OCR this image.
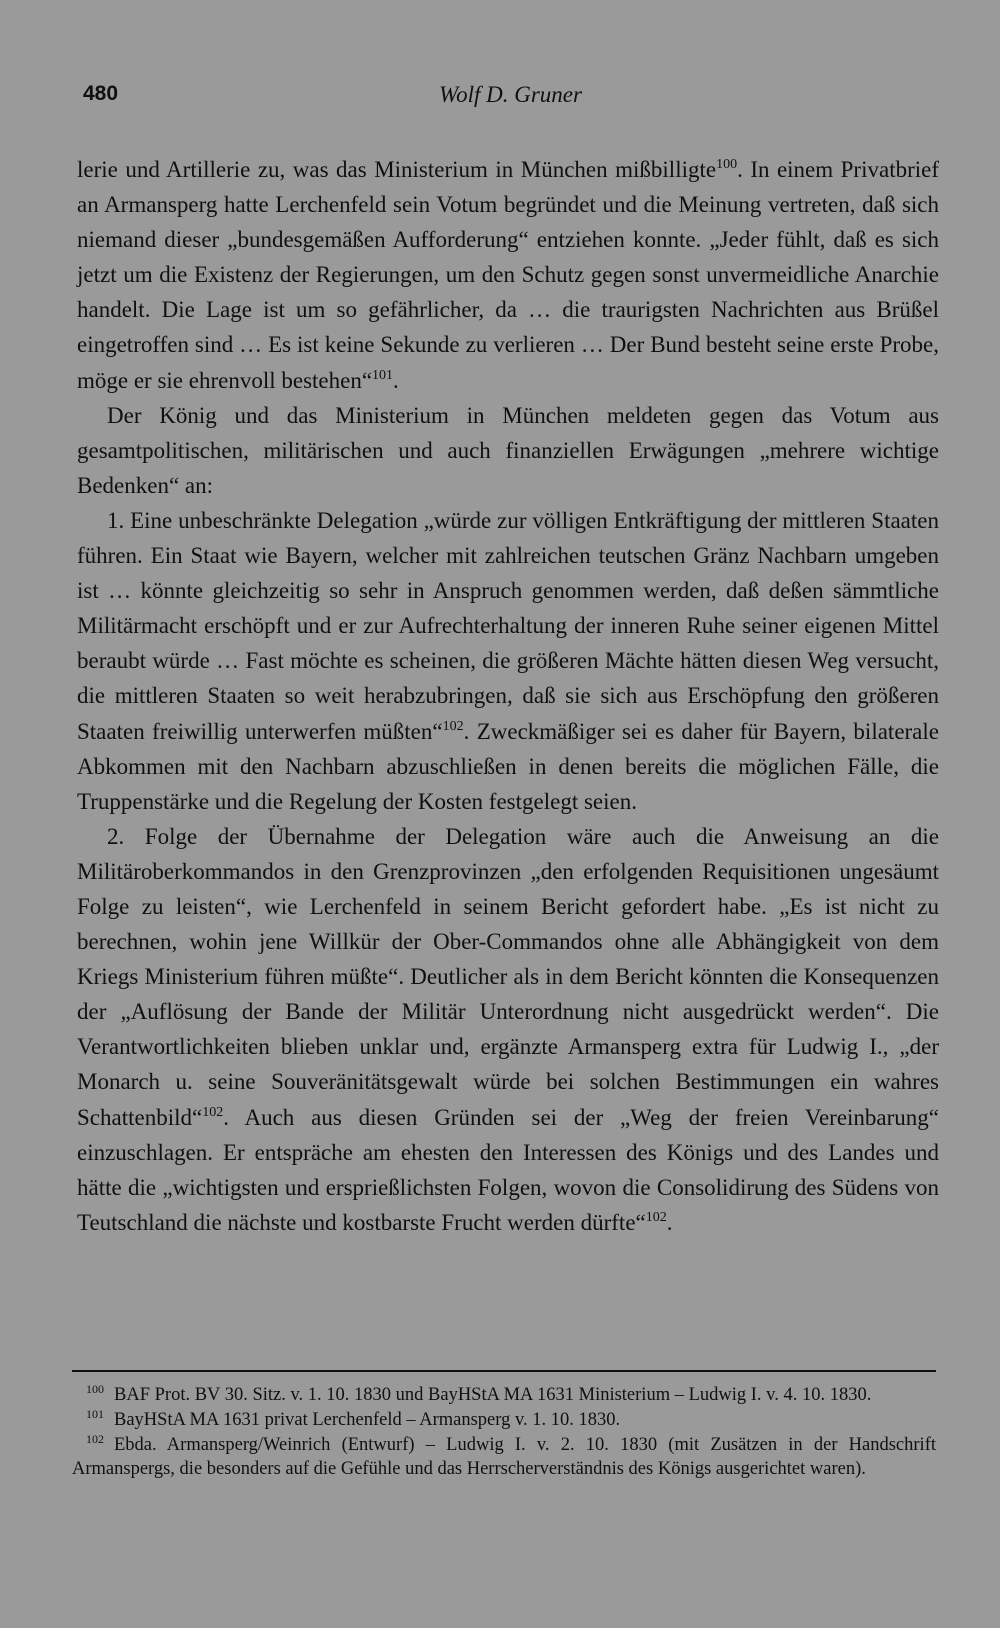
480	Wolf D. Gruner

lerie und Artillerie zu, was das Ministerium in München mißbilligte$^{100}$. In einem Privatbrief an Armansperg hatte Lerchenfeld sein Votum begründet und die Meinung vertreten, daß sich niemand dieser „bundesgemäßen Aufforderung“ entziehen konnte. „Jeder fühlt, daß es sich jetzt um die Existenz der Regierungen, um den Schutz gegen sonst unvermeidliche Anarchie handelt. Die Lage ist um so gefährlicher, da … die traurigsten Nachrichten aus Brüßel eingetroffen sind … Es ist keine Sekunde zu verlieren … Der Bund besteht seine erste Probe, möge er sie ehrenvoll bestehen“$^{101}$.

Der König und das Ministerium in München meldeten gegen das Votum aus gesamtpolitischen, militärischen und auch finanziellen Erwägungen „mehrere wichtige Bedenken“ an:

1. Eine unbeschränkte Delegation „würde zur völligen Entkräftigung der mittleren Staaten führen. Ein Staat wie Bayern, welcher mit zahlreichen teutschen Gränz Nachbarn umgeben ist … könnte gleichzeitig so sehr in Anspruch genommen werden, daß deßen sämmtliche Militärmacht erschöpft und er zur Aufrechterhaltung der inneren Ruhe seiner eigenen Mittel beraubt würde … Fast möchte es scheinen, die größeren Mächte hätten diesen Weg versucht, die mittleren Staaten so weit herabzubringen, daß sie sich aus Erschöpfung den größeren Staaten freiwillig unterwerfen müßten“$^{102}$. Zweckmäßiger sei es daher für Bayern, bilaterale Abkommen mit den Nachbarn abzuschließen in denen bereits die möglichen Fälle, die Truppenstärke und die Regelung der Kosten festgelegt seien.

2. Folge der Übernahme der Delegation wäre auch die Anweisung an die Militäroberkommandos in den Grenzprovinzen „den erfolgenden Requisitionen ungesäumt Folge zu leisten“, wie Lerchenfeld in seinem Bericht gefordert habe. „Es ist nicht zu berechnen, wohin jene Willkür der Ober-Commandos ohne alle Abhängigkeit von dem Kriegs Ministerium führen müßte“. Deutlicher als in dem Bericht könnten die Konsequenzen der „Auflösung der Bande der Militär Unterordnung nicht ausgedrückt werden“. Die Verantwortlichkeiten blieben unklar und, ergänzte Armansperg extra für Ludwig I., „der Monarch u. seine Souveränitätsgewalt würde bei solchen Bestimmungen ein wahres Schattenbild“$^{102}$. Auch aus diesen Gründen sei der „Weg der freien Vereinbarung“ einzuschlagen. Er entspräche am ehesten den Interessen des Königs und des Landes und hätte die „wichtigsten und ersprießlichsten Folgen, wovon die Consolidirung des Südens von Teutschland die nächste und kostbarste Frucht werden dürfte“$^{102}$.

$^{100}$ BAF Prot. BV 30. Sitz. v. 1. 10. 1830 und BayHStA MA 1631 Ministerium – Ludwig I. v. 4. 10. 1830.

$^{101}$ BayHStA MA 1631 privat Lerchenfeld – Armansperg v. 1. 10. 1830.

$^{102}$ Ebda. Armansperg/Weinrich (Entwurf) – Ludwig I. v. 2. 10. 1830 (mit Zusätzen in der Handschrift Armanspergs, die besonders auf die Gefühle und das Herrscherverständnis des Königs ausgerichtet waren).
